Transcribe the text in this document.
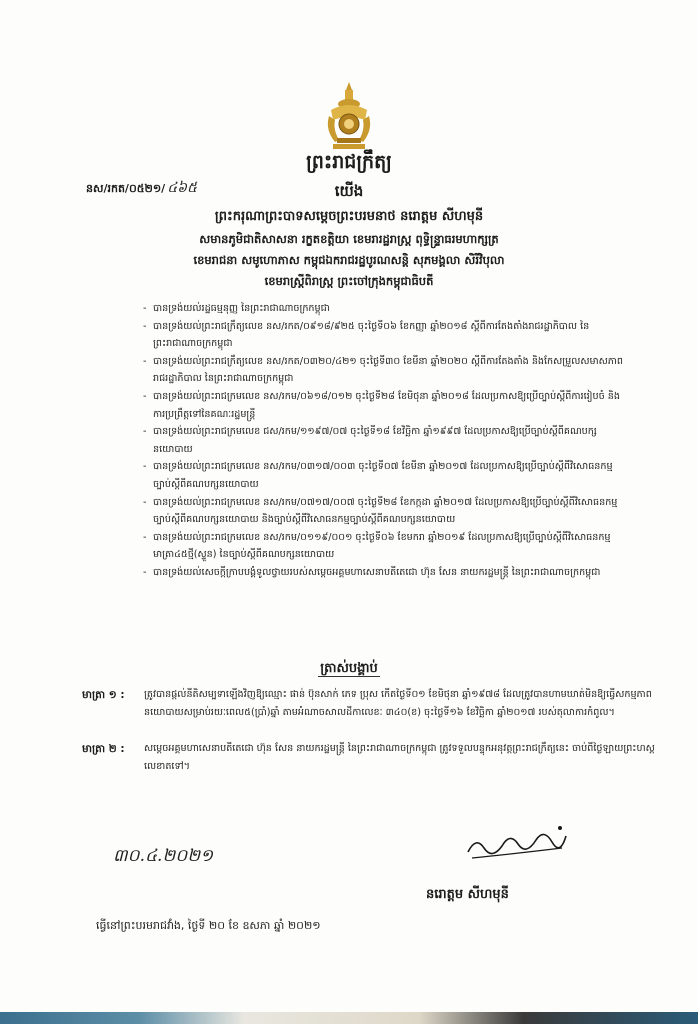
ព្រះរាជក្រឹត្យ
នស/រកត/០៥២១/ ៤៦៥	យើង
ព្រះករុណាព្រះបាទសម្តេចព្រះបរមនាថ នរោត្តម សីហមុនី
សមានភូមិជាតិសាសនា រក្ខតខត្តិយា ខេមរារដ្ឋរាស្ត្រ ពុទ្ធិន្ទ្រាធរមហាក្សត្រ
ខេមរាជនា សមូហោភាស កម្ពុជឯករាជរដ្ឋបូរណសន្តិ សុភមង្គលា សិរីវិបុលា
ខេមរាស្ត្រីពិរាស្ត្រ ព្រះចៅក្រុងកម្ពុជាធិបតី
- បានទ្រង់យល់រដ្ឋធម្មនុញ្ញ នៃព្រះរាជាណាចក្រកម្ពុជា
- បានទ្រង់យល់ព្រះរាជក្រឹត្យលេខ នស/រកត/០៩១៨/៩២៥ ចុះថ្ងៃទី០៦ ខែកញ្ញា ឆ្នាំ២០១៨ ស្តីពីការតែងតាំងរាជរដ្ឋាភិបាល នៃព្រះរាជាណាចក្រកម្ពុជា
- បានទ្រង់យល់ព្រះរាជក្រឹត្យលេខ នស/រកត/០៣២០/៤២១ ចុះថ្ងៃទី៣០ ខែមីនា ឆ្នាំ២០២០ ស្តីពីការតែងតាំង និងកែសម្រួលសមាសភាពរាជរដ្ឋាភិបាល នៃព្រះរាជាណាចក្រកម្ពុជា
- បានទ្រង់យល់ព្រះរាជក្រមលេខ នស/រកម/០៦១៨/០១២ ចុះថ្ងៃទី២៨ ខែមិថុនា ឆ្នាំ២០១៨ ដែលប្រកាសឱ្យប្រើច្បាប់ស្តីពីការរៀបចំ និងការប្រព្រឹត្តទៅនៃគណៈរដ្ឋមន្ត្រី
- បានទ្រង់យល់ព្រះរាជក្រមលេខ ជស/រកម/១១៩៧/០៧ ចុះថ្ងៃទី១៨ ខែវិច្ឆិកា ឆ្នាំ១៩៩៧ ដែលប្រកាសឱ្យប្រើច្បាប់ស្តីពីគណបក្សនយោបាយ
- បានទ្រង់យល់ព្រះរាជក្រមលេខ នស/រកម/០៣១៧/០០៣ ចុះថ្ងៃទី០៧ ខែមីនា ឆ្នាំ២០១៧ ដែលប្រកាសឱ្យប្រើច្បាប់ស្តីពីវិសោធនកម្មច្បាប់ស្តីពីគណបក្សនយោបាយ
- បានទ្រង់យល់ព្រះរាជក្រមលេខ នស/រកម/០៧១៧/០០៧ ចុះថ្ងៃទី២៨ ខែកក្កដា ឆ្នាំ២០១៧ ដែលប្រកាសឱ្យប្រើច្បាប់ស្តីពីវិសោធនកម្មច្បាប់ស្តីពីគណបក្សនយោបាយ និងច្បាប់ស្តីពីវិសោធនកម្មច្បាប់ស្តីពីគណបក្សនយោបាយ
- បានទ្រង់យល់ព្រះរាជក្រមលេខ នស/រកម/០១១៩/០០១ ចុះថ្ងៃទី០៦ ខែមករា ឆ្នាំ២០១៩ ដែលប្រកាសឱ្យប្រើច្បាប់ស្តីពីវិសោធនកម្មមាត្រា៤៥ថ្មី(ស្ទួន) នៃច្បាប់ស្តីពីគណបក្សនយោបាយ
- បានទ្រង់យល់សេចក្តីក្រាបបង្គំទូលថ្វាយរបស់សម្តេចអគ្គមហាសេនាបតីតេជោ ហ៊ុន សែន នាយករដ្ឋមន្ត្រី នៃព្រះរាជាណាចក្រកម្ពុជា
ត្រាស់បង្គាប់
មាត្រា ១ : ត្រូវបានផ្តល់នីតិសម្បទាឡើងវិញឱ្យឈ្មោះ ផាន់ ប៊ុនសាក់ ភេទ ប្រុស កើតថ្ងៃទី០១ ខែមិថុនា ឆ្នាំ១៩៧៨ ដែលត្រូវបានហាមឃាត់មិនឱ្យធ្វើសកម្មភាពនយោបាយសម្រាប់រយៈពេល៥(ប្រាំ)ឆ្នាំ តាមអំណាចសាលដីកាលេខៈ ៣៤០(ខ) ចុះថ្ងៃទី១៦ ខែវិច្ឆិកា ឆ្នាំ២០១៧ របស់តុលាការកំពូល។
មាត្រា ២ : សម្តេចអគ្គមហាសេនាបតីតេជោ ហ៊ុន សែន នាយករដ្ឋមន្ត្រី នៃព្រះរាជាណាចក្រកម្ពុជា ត្រូវទទួលបន្ទុកអនុវត្តព្រះរាជក្រឹត្យនេះ ចាប់ពីថ្ងៃឡាយព្រះហស្តលេខាតទៅ។
៣០.៤.២០២១
នរោត្តម សីហមុនី
ធ្វើនៅព្រះបរមរាជវាំង, ថ្ងៃទី ២០ ខែ ឧសភា ឆ្នាំ ២០២១
